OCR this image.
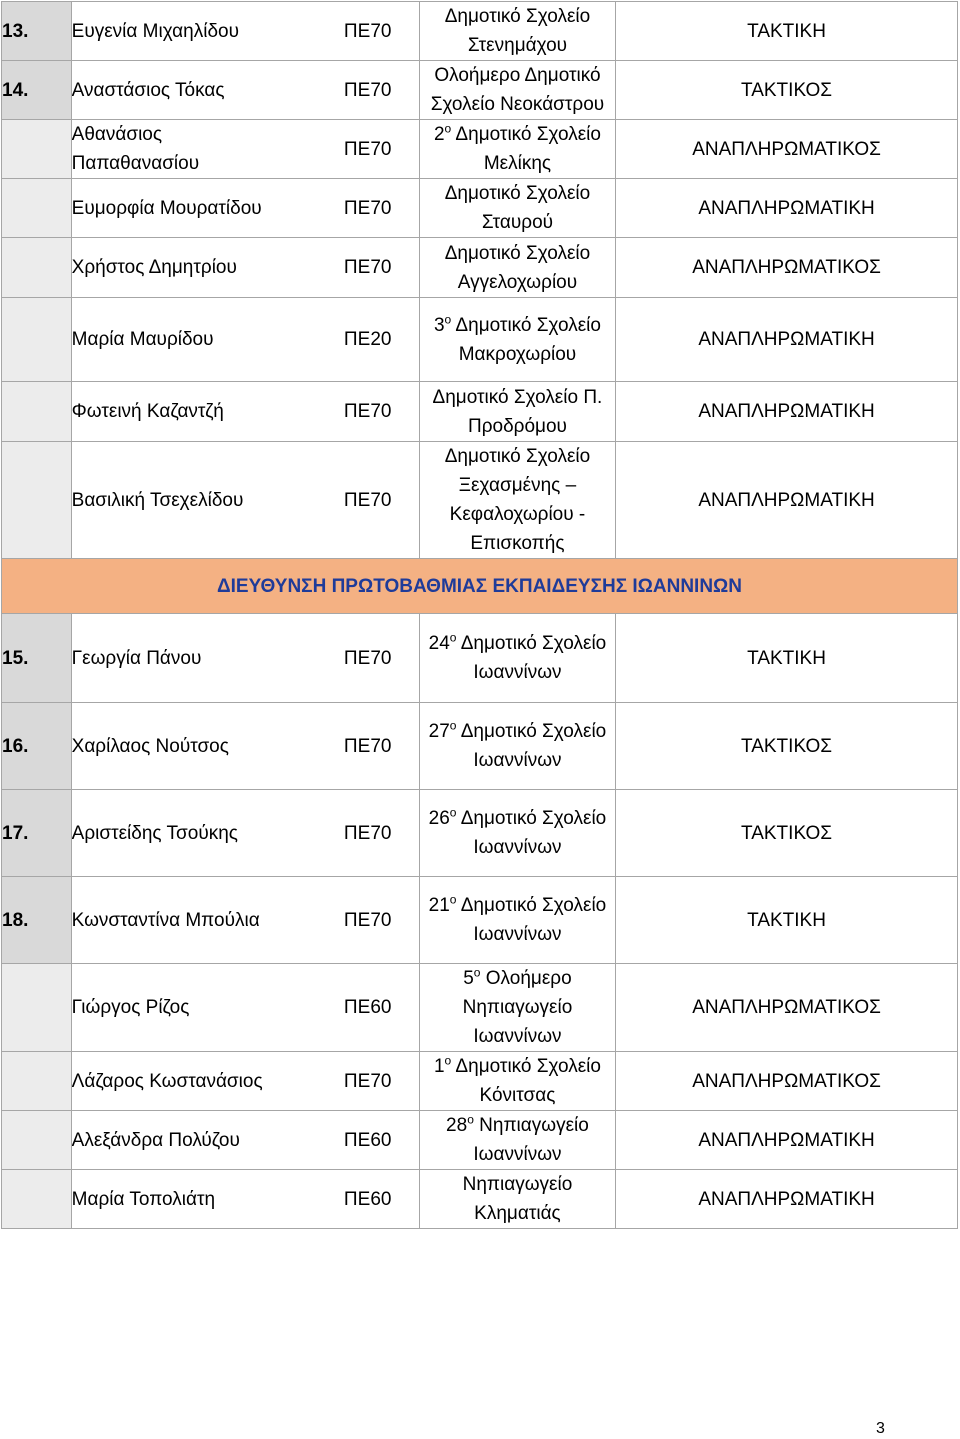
13.	Ευγενία Μιχαηλίδου	ΠΕ70	Δημοτικό Σχολείο Στενημάχου	ΤΑΚΤΙΚΗ
14.	Αναστάσιος Τόκας	ΠΕ70	Ολοήμερο Δημοτικό Σχολείο Νεοκάστρου	ΤΑΚΤΙΚΟΣ
	Αθανάσιος Παπαθανασίου	ΠΕ70	$2^o$ Δημοτικό Σχολείο Μελίκης	ΑΝΑΠΛΗΡΩΜΑΤΙΚΟΣ
	Ευμορφία Μουρατίδου	ΠΕ70	Δημοτικό Σχολείο Σταυρού	ΑΝΑΠΛΗΡΩΜΑΤΙΚΗ
	Χρήστος Δημητρίου	ΠΕ70	Δημοτικό Σχολείο Αγγελοχωρίου	ΑΝΑΠΛΗΡΩΜΑΤΙΚΟΣ
	Μαρία Μαυρίδου	ΠΕ20	$3^o$ Δημοτικό Σχολείο Μακροχωρίου	ΑΝΑΠΛΗΡΩΜΑΤΙΚΗ
	Φωτεινή Καζαντζή	ΠΕ70	Δημοτικό Σχολείο Π. Προδρόμου	ΑΝΑΠΛΗΡΩΜΑΤΙΚΗ
	Βασιλική Τσεχελίδου	ΠΕ70	Δημοτικό Σχολείο Ξεχασμένης – Κεφαλοχωρίου - Επισκοπής	ΑΝΑΠΛΗΡΩΜΑΤΙΚΗ
ΔΙΕΥΘΥΝΣΗ ΠΡΩΤΟΒΑΘΜΙΑΣ ΕΚΠΑΙΔΕΥΣΗΣ ΙΩΑΝΝΙΝΩΝ				
15.	Γεωργία Πάνου	ΠΕ70	$24^o$ Δημοτικό Σχολείο Ιωαννίνων	ΤΑΚΤΙΚΗ
16.	Χαρίλαος Νούτσος	ΠΕ70	$27^o$ Δημοτικό Σχολείο Ιωαννίνων	ΤΑΚΤΙΚΟΣ
17.	Αριστείδης Τσούκης	ΠΕ70	$26^o$ Δημοτικό Σχολείο Ιωαννίνων	ΤΑΚΤΙΚΟΣ
18.	Κωνσταντίνα Μπούλια	ΠΕ70	$21^o$ Δημοτικό Σχολείο Ιωαννίνων	ΤΑΚΤΙΚΗ
	Γιώργος Ρίζος	ΠΕ60	$5^o$ Ολοήμερο Νηπιαγωγείο Ιωαννίνων	ΑΝΑΠΛΗΡΩΜΑΤΙΚΟΣ
	Λάζαρος Κωστανάσιος	ΠΕ70	$1^o$ Δημοτικό Σχολείο Κόνιτσας	ΑΝΑΠΛΗΡΩΜΑΤΙΚΟΣ
	Αλεξάνδρα Πολύζου	ΠΕ60	$28^o$ Νηπιαγωγείο Ιωαννίνων	ΑΝΑΠΛΗΡΩΜΑΤΙΚΗ
	Μαρία Τοπολιάτη	ΠΕ60	Νηπιαγωγείο Κληματιάς	ΑΝΑΠΛΗΡΩΜΑΤΙΚΗ
3
